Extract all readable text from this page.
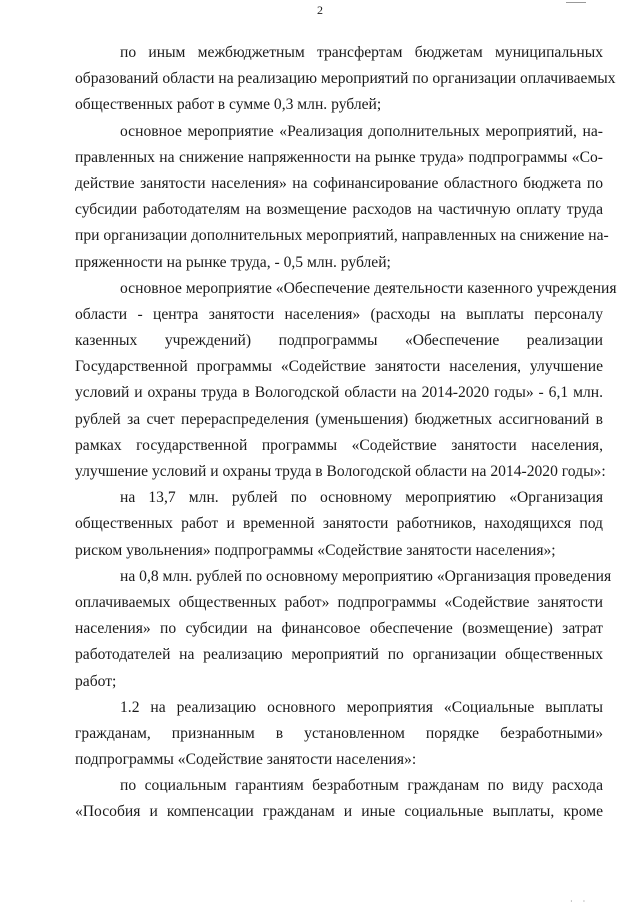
2
по иным межбюджетным трансфертам бюджетам муниципальных
образований области на реализацию мероприятий по организации оплачиваемых
общественных работ в сумме 0,3 млн. рублей;
основное мероприятие «Реализация дополнительных мероприятий, на-
правленных на снижение напряженности на рынке труда» подпрограммы «Со-
действие занятости населения» на софинансирование областного бюджета по
субсидии работодателям на возмещение расходов на частичную оплату труда
при организации дополнительных мероприятий, направленных на снижение на-
пряженности на рынке труда, - 0,5 млн. рублей;
основное мероприятие «Обеспечение деятельности казенного учреждения
области - центра занятости населения» (расходы на выплаты персоналу
казенных учреждений) подпрограммы «Обеспечение реализации
Государственной программы «Содействие занятости населения, улучшение
условий и охраны труда в Вологодской области на 2014-2020 годы» - 6,1 млн.
рублей за счет перераспределения (уменьшения) бюджетных ассигнований в
рамках государственной программы «Содействие занятости населения,
улучшение условий и охраны труда в Вологодской области на 2014-2020 годы»:
на 13,7 млн. рублей по основному мероприятию «Организация
общественных работ и временной занятости работников, находящихся под
риском увольнения» подпрограммы «Содействие занятости населения»;
на 0,8 млн. рублей по основному мероприятию «Организация проведения
оплачиваемых общественных работ» подпрограммы «Содействие занятости
населения» по субсидии на финансовое обеспечение (возмещение) затрат
работодателей на реализацию мероприятий по организации общественных
работ;
1.2 на реализацию основного мероприятия «Социальные выплаты
гражданам, признанным в установленном порядке безработными»
подпрограммы «Содействие занятости населения»:
по социальным гарантиям безработным гражданам по виду расхода
«Пособия и компенсации гражданам и иные социальные выплаты, кроме
· ·
